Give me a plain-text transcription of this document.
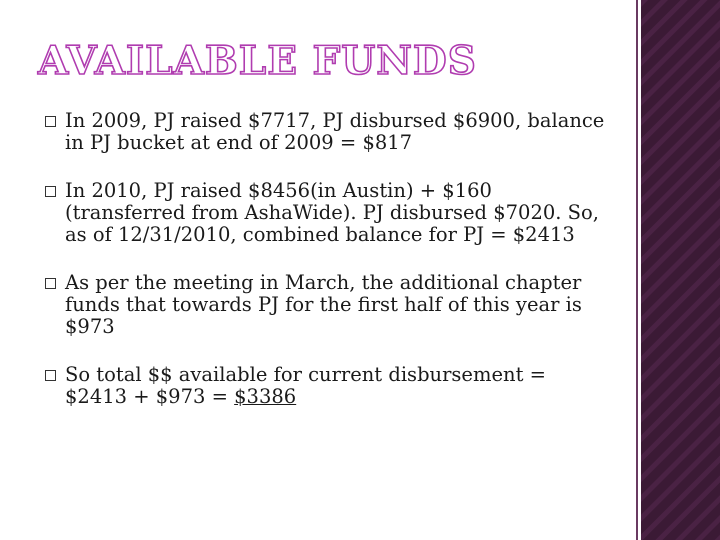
AVAILABLE FUNDS
In 2009, PJ raised $7717, PJ disbursed $6900, balance in PJ bucket at end of 2009 = $817
In 2010, PJ raised $8456(in Austin) + $160 (transferred from AshaWide). PJ disbursed $7020. So, as of 12/31/2010, combined balance for PJ = $2413
As per the meeting in March, the additional chapter funds that towards PJ for the first half of this year is $973
So total $$ available for current disbursement = $2413 + $973 = $3386
